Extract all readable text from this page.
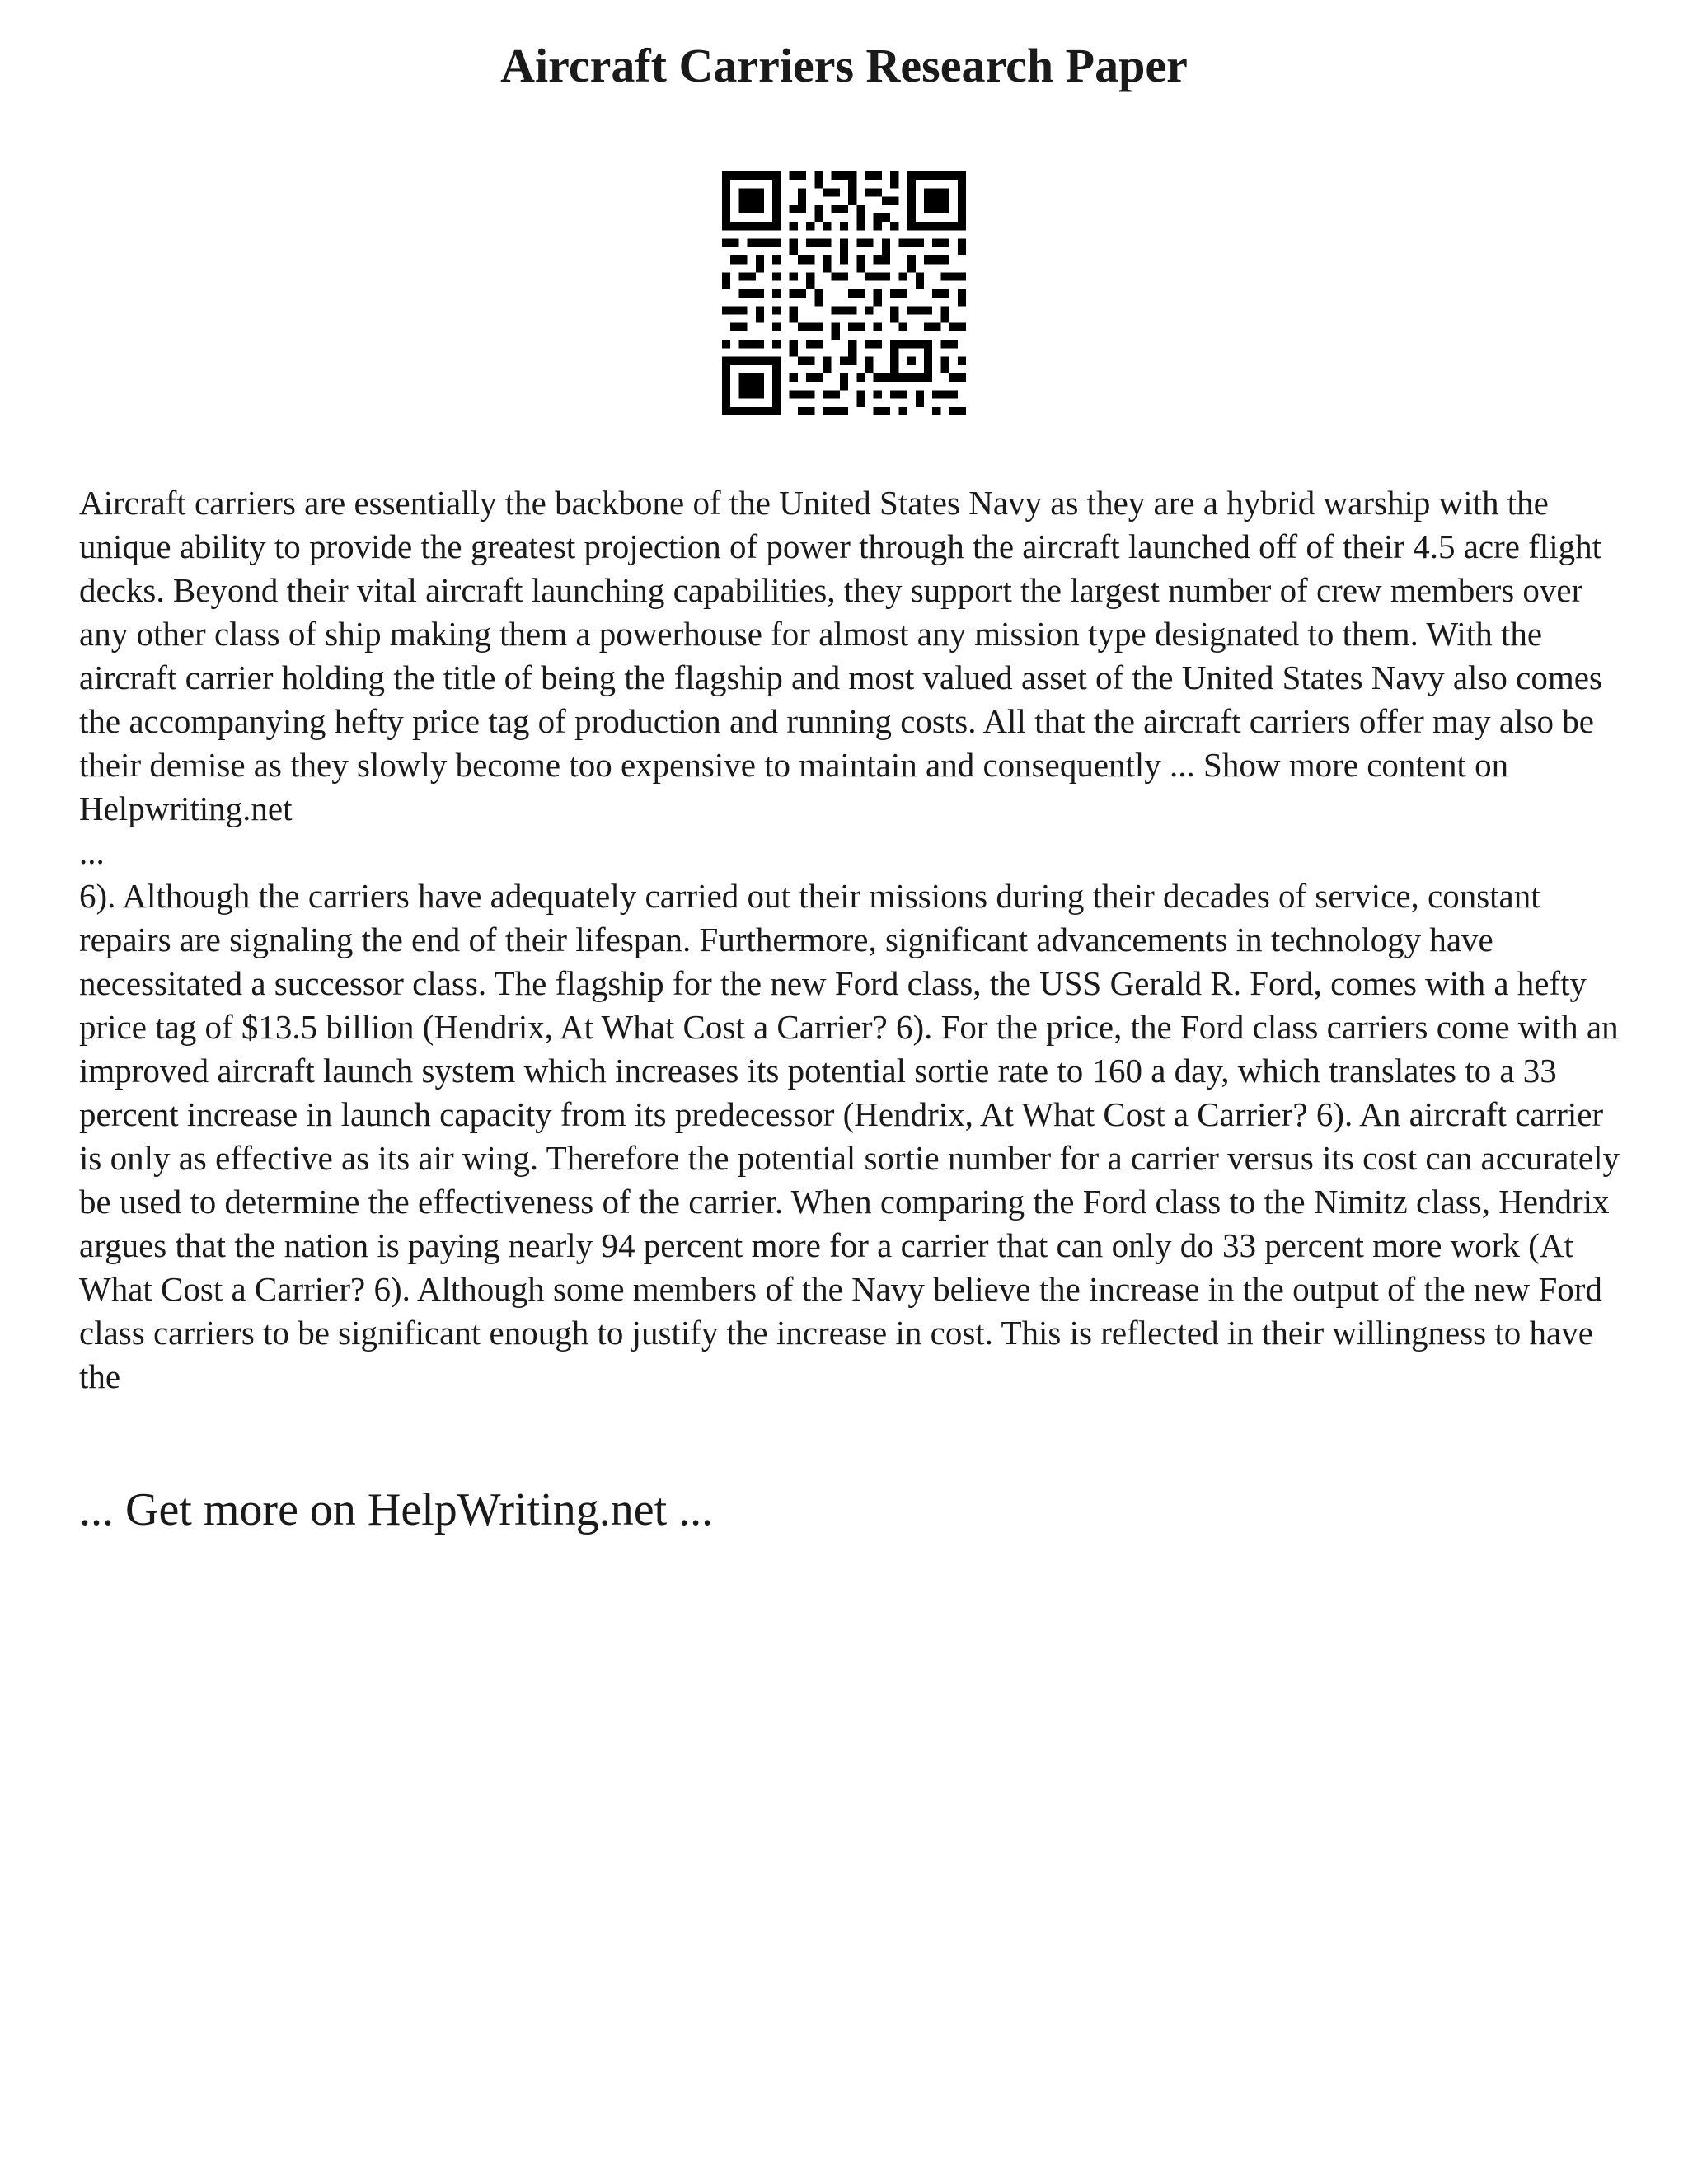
Aircraft Carriers Research Paper

Aircraft carriers are essentially the backbone of the United States Navy as they are a hybrid warship with the unique ability to provide the greatest projection of power through the aircraft launched off of their 4.5 acre flight decks. Beyond their vital aircraft launching capabilities, they support the largest number of crew members over any other class of ship making them a powerhouse for almost any mission type designated to them. With the aircraft carrier holding the title of being the flagship and most valued asset of the United States Navy also comes the accompanying hefty price tag of production and running costs. All that the aircraft carriers offer may also be their demise as they slowly become too expensive to maintain and consequently ... Show more content on Helpwriting.net

...

6). Although the carriers have adequately carried out their missions during their decades of service, constant repairs are signaling the end of their lifespan. Furthermore, significant advancements in technology have necessitated a successor class. The flagship for the new Ford class, the USS Gerald R. Ford, comes with a hefty price tag of $13.5 billion (Hendrix, At What Cost a Carrier? 6). For the price, the Ford class carriers come with an improved aircraft launch system which increases its potential sortie rate to 160 a day, which translates to a 33 percent increase in launch capacity from its predecessor (Hendrix, At What Cost a Carrier? 6). An aircraft carrier is only as effective as its air wing. Therefore the potential sortie number for a carrier versus its cost can accurately be used to determine the effectiveness of the carrier. When comparing the Ford class to the Nimitz class, Hendrix argues that the nation is paying nearly 94 percent more for a carrier that can only do 33 percent more work (At What Cost a Carrier? 6). Although some members of the Navy believe the increase in the output of the new Ford class carriers to be significant enough to justify the increase in cost. This is reflected in their willingness to have the

... Get more on HelpWriting.net ...
